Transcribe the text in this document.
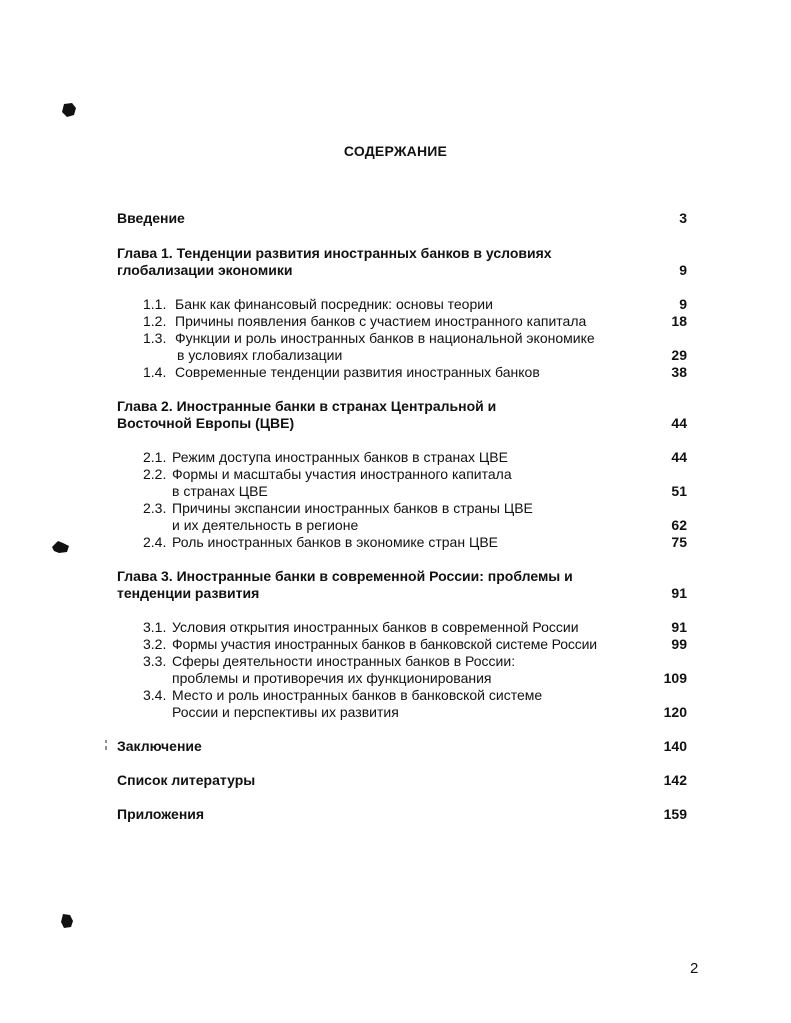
СОДЕРЖАНИЕ
Введение	3
Глава 1. Тенденции развития иностранных банков в условиях
глобализации экономики	9
1.1. Банк как финансовый посредник: основы теории	9
1.2. Причины появления банков с участием иностранного капитала	18
1.3. Функции и роль иностранных банков в национальной экономике
в условиях глобализации	29
1.4. Современные тенденции развития иностранных банков	38
Глава 2. Иностранные банки в странах Центральной и
Восточной Европы (ЦВЕ)	44
2.1. Режим доступа иностранных банков в странах ЦВЕ	44
2.2. Формы и масштабы участия иностранного капитала
в странах ЦВЕ	51
2.3. Причины экспансии иностранных банков в страны ЦВЕ
и их деятельность в регионе	62
2.4. Роль иностранных банков в экономике стран ЦВЕ	75
Глава 3. Иностранные банки в современной России: проблемы и
тенденции развития	91
3.1. Условия открытия иностранных банков в современной России	91
3.2. Формы участия иностранных банков в банковской системе России	99
3.3. Сферы деятельности иностранных банков в России:
проблемы и противоречия их функционирования	109
3.4. Место и роль иностранных банков в банковской системе
России и перспективы их развития	120
Заключение	140
Список литературы	142
Приложения	159

2
